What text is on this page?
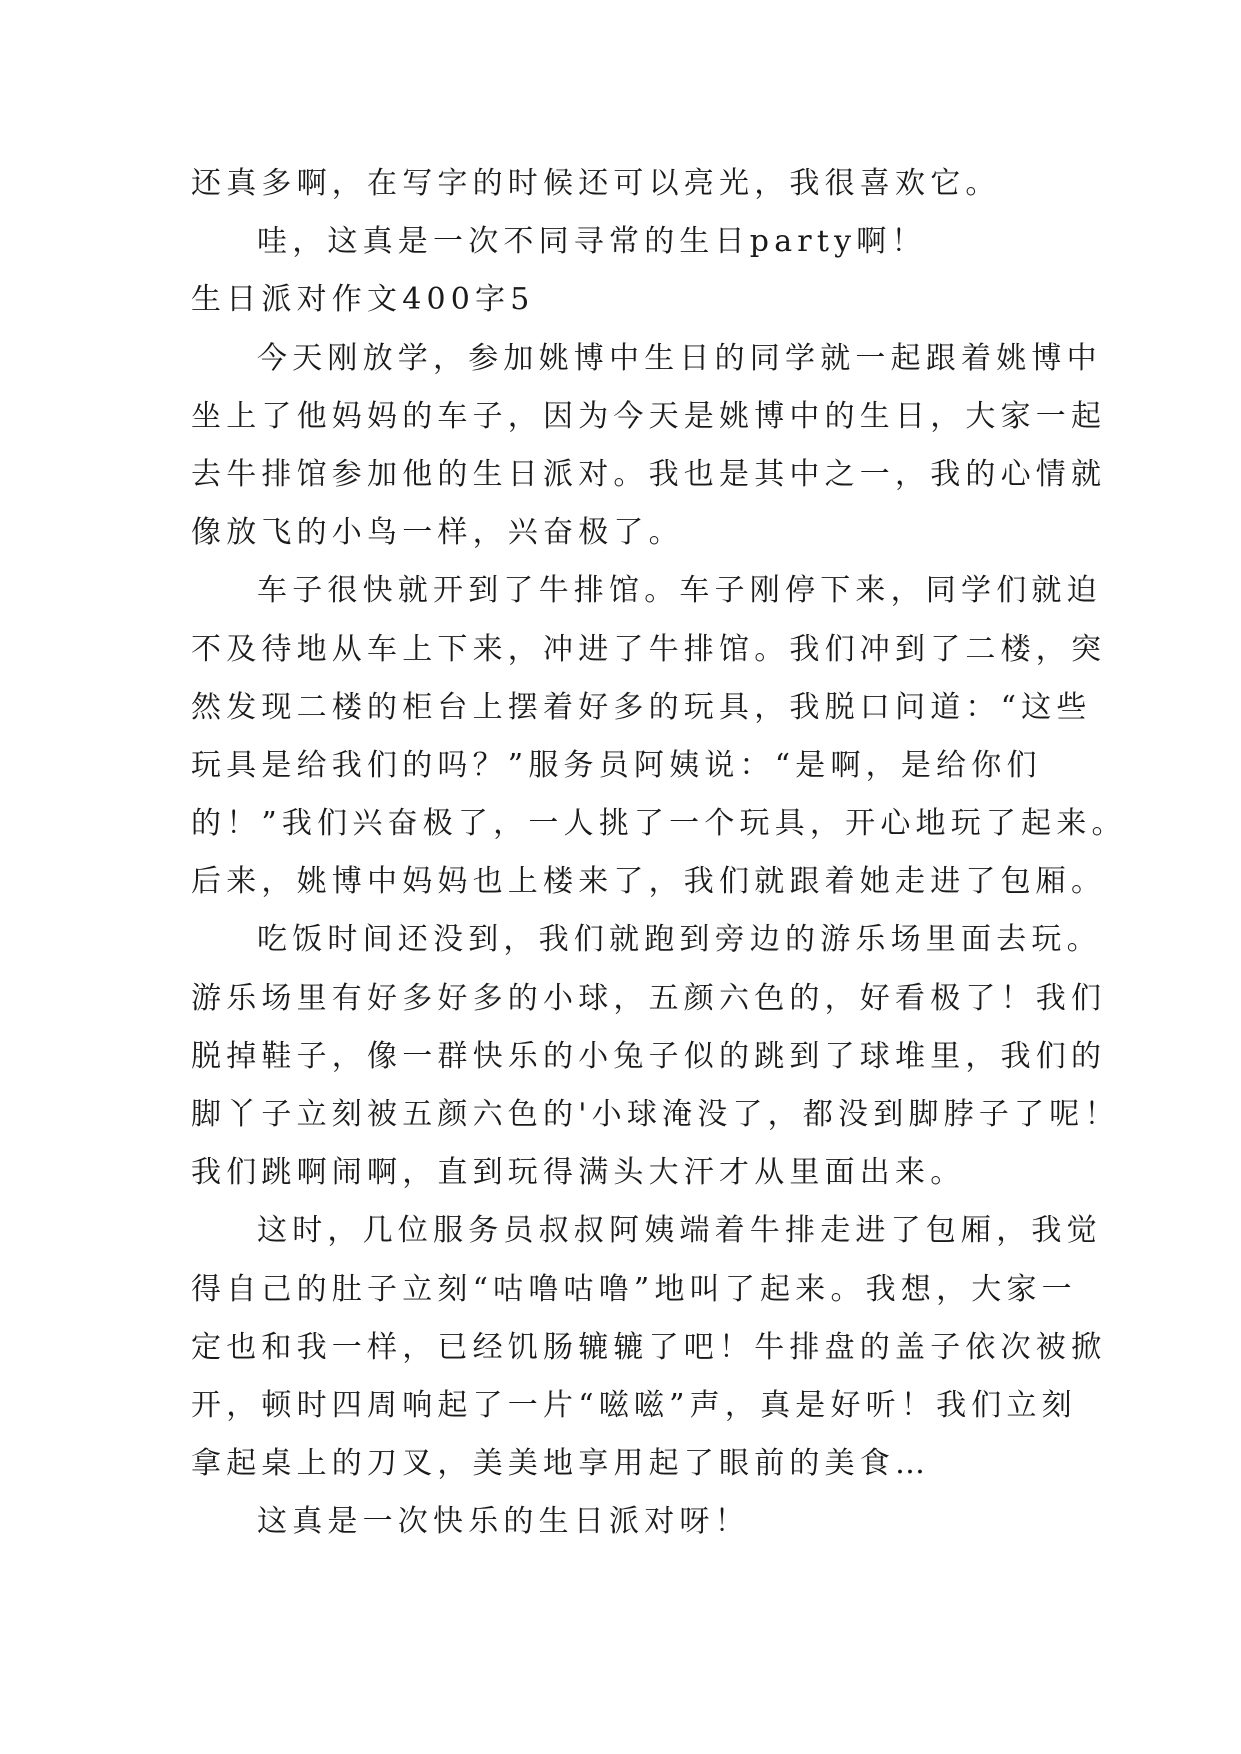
还真多啊，在写字的时候还可以亮光，我很喜欢它。
哇，这真是一次不同寻常的生日party啊！
生日派对作文400字5
今天刚放学，参加姚博中生日的同学就一起跟着姚博中
坐上了他妈妈的车子，因为今天是姚博中的生日，大家一起
去牛排馆参加他的生日派对。我也是其中之一，我的心情就
像放飞的小鸟一样，兴奋极了。
车子很快就开到了牛排馆。车子刚停下来，同学们就迫
不及待地从车上下来，冲进了牛排馆。我们冲到了二楼，突
然发现二楼的柜台上摆着好多的玩具，我脱口问道：“这些
玩具是给我们的吗？”服务员阿姨说：“是啊，是给你们
的！”我们兴奋极了，一人挑了一个玩具，开心地玩了起来。
后来，姚博中妈妈也上楼来了，我们就跟着她走进了包厢。
吃饭时间还没到，我们就跑到旁边的游乐场里面去玩。
游乐场里有好多好多的小球，五颜六色的，好看极了！我们
脱掉鞋子，像一群快乐的小兔子似的跳到了球堆里，我们的
脚丫子立刻被五颜六色的'小球淹没了，都没到脚脖子了呢！
我们跳啊闹啊，直到玩得满头大汗才从里面出来。
这时，几位服务员叔叔阿姨端着牛排走进了包厢，我觉
得自己的肚子立刻“咕噜咕噜”地叫了起来。我想，大家一
定也和我一样，已经饥肠辘辘了吧！牛排盘的盖子依次被掀
开，顿时四周响起了一片“嗞嗞”声，真是好听！我们立刻
拿起桌上的刀叉，美美地享用起了眼前的美食…
这真是一次快乐的生日派对呀！
